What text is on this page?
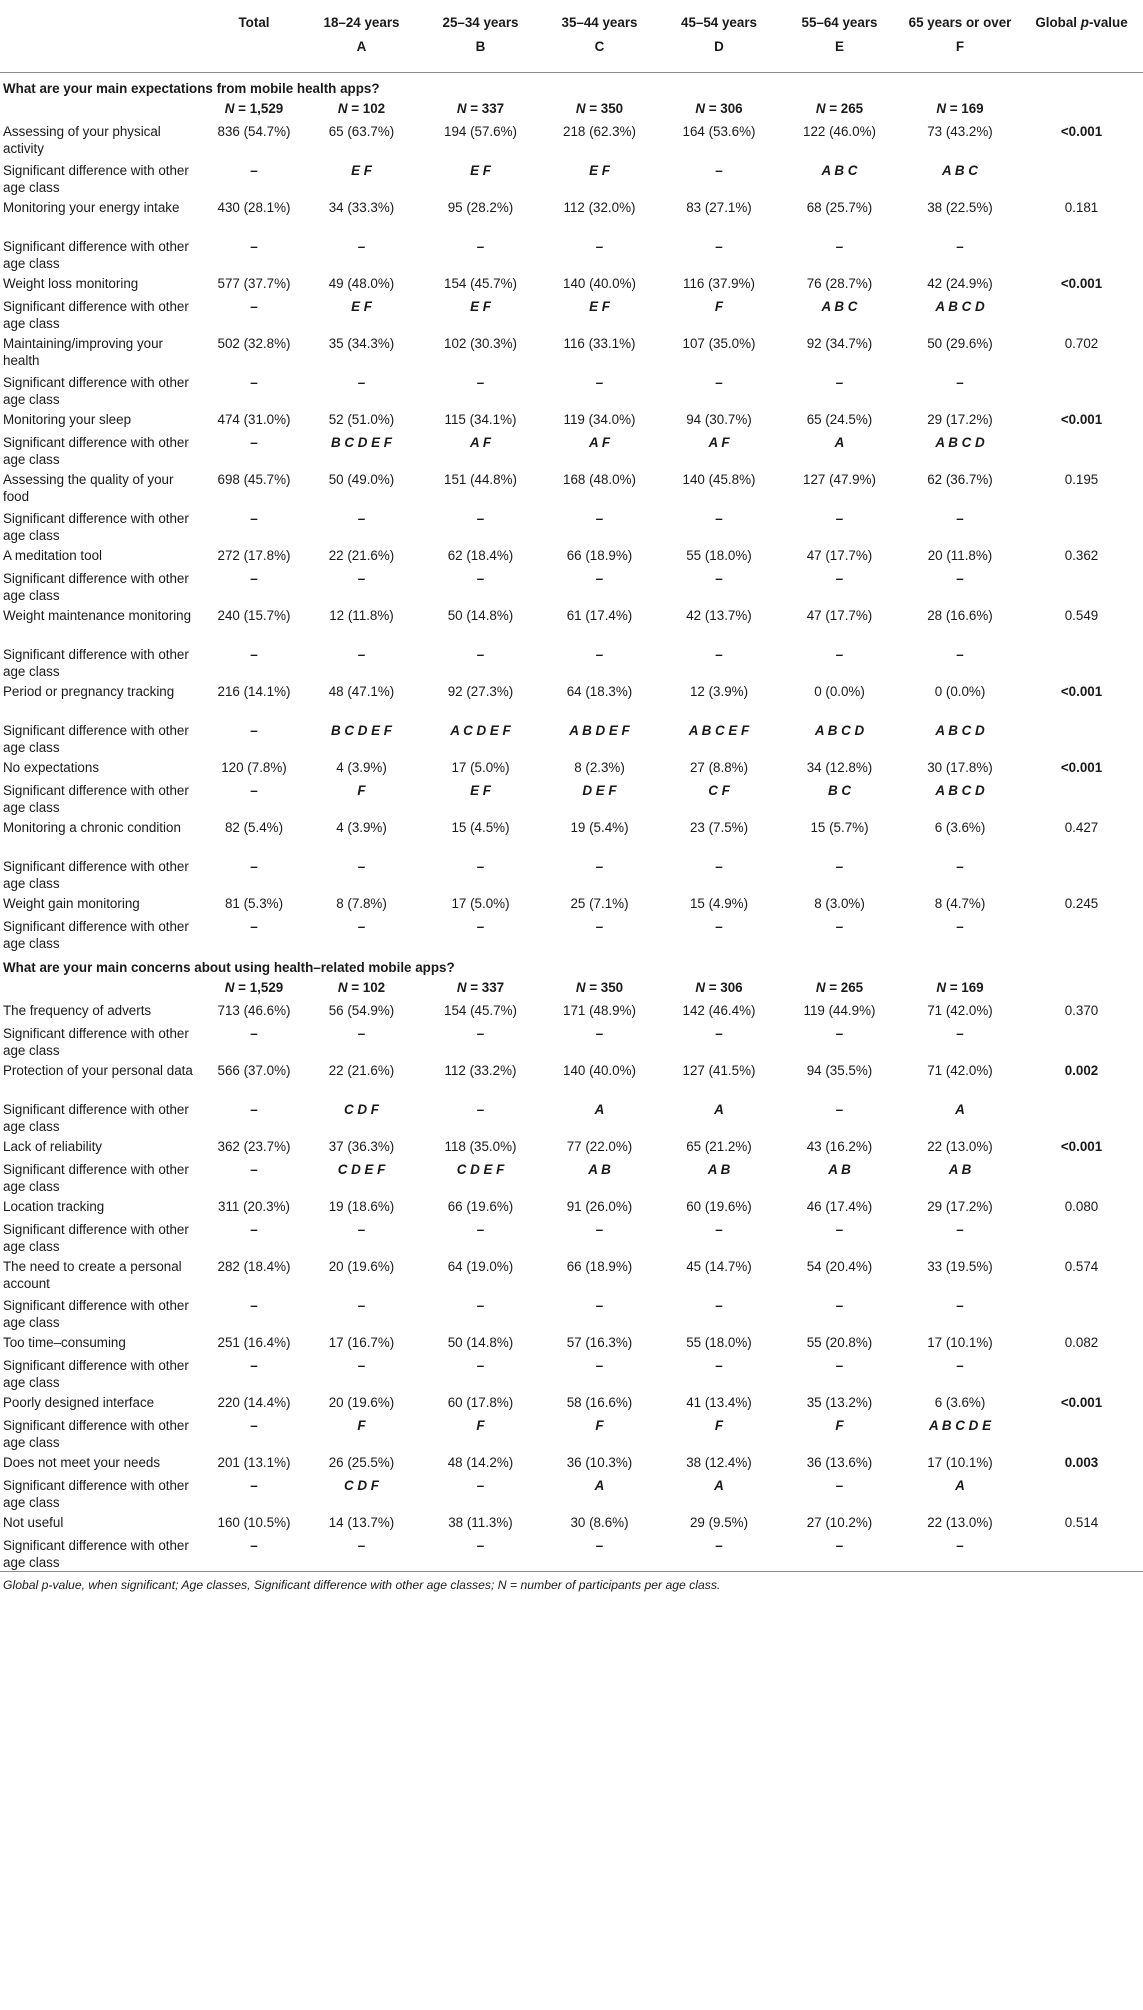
	Total	18–24 years	25–34 years	35–44 years	45–54 years	55–64 years	65 years or over	Global p-value
		A	B	C	D	E	F	
What are your main expectations from mobile health apps?								
	N = 1,529	N = 102	N = 337	N = 350	N = 306	N = 265	N = 169	
Assessing of your physical activity	836 (54.7%)	65 (63.7%)	194 (57.6%)	218 (62.3%)	164 (53.6%)	122 (46.0%)	73 (43.2%)	<0.001
Significant difference with other age class	–	E F	E F	E F	–	A B C	A B C	
Monitoring your energy intake	430 (28.1%)	34 (33.3%)	95 (28.2%)	112 (32.0%)	83 (27.1%)	68 (25.7%)	38 (22.5%)	0.181
Significant difference with other age class	–	–	–	–	–	–	–	
Weight loss monitoring	577 (37.7%)	49 (48.0%)	154 (45.7%)	140 (40.0%)	116 (37.9%)	76 (28.7%)	42 (24.9%)	<0.001
Significant difference with other age class	–	E F	E F	E F	F	A B C	A B C D	
Maintaining/improving your health	502 (32.8%)	35 (34.3%)	102 (30.3%)	116 (33.1%)	107 (35.0%)	92 (34.7%)	50 (29.6%)	0.702
Significant difference with other age class	–	–	–	–	–	–	–	
Monitoring your sleep	474 (31.0%)	52 (51.0%)	115 (34.1%)	119 (34.0%)	94 (30.7%)	65 (24.5%)	29 (17.2%)	<0.001
Significant difference with other age class	–	B C D E F	A F	A F	A F	A	A B C D	
Assessing the quality of your food	698 (45.7%)	50 (49.0%)	151 (44.8%)	168 (48.0%)	140 (45.8%)	127 (47.9%)	62 (36.7%)	0.195
Significant difference with other age class	–	–	–	–	–	–	–	
A meditation tool	272 (17.8%)	22 (21.6%)	62 (18.4%)	66 (18.9%)	55 (18.0%)	47 (17.7%)	20 (11.8%)	0.362
Significant difference with other age class	–	–	–	–	–	–	–	
Weight maintenance monitoring	240 (15.7%)	12 (11.8%)	50 (14.8%)	61 (17.4%)	42 (13.7%)	47 (17.7%)	28 (16.6%)	0.549
Significant difference with other age class	–	–	–	–	–	–	–	
Period or pregnancy tracking	216 (14.1%)	48 (47.1%)	92 (27.3%)	64 (18.3%)	12 (3.9%)	0 (0.0%)	0 (0.0%)	<0.001
Significant difference with other age class	–	B C D E F	A C D E F	A B D E F	A B C E F	A B C D	A B C D	
No expectations	120 (7.8%)	4 (3.9%)	17 (5.0%)	8 (2.3%)	27 (8.8%)	34 (12.8%)	30 (17.8%)	<0.001
Significant difference with other age class	–	F	E F	D E F	C F	B C	A B C D	
Monitoring a chronic condition	82 (5.4%)	4 (3.9%)	15 (4.5%)	19 (5.4%)	23 (7.5%)	15 (5.7%)	6 (3.6%)	0.427
Significant difference with other age class	–	–	–	–	–	–	–	
Weight gain monitoring	81 (5.3%)	8 (7.8%)	17 (5.0%)	25 (7.1%)	15 (4.9%)	8 (3.0%)	8 (4.7%)	0.245
Significant difference with other age class	–	–	–	–	–	–	–	
What are your main concerns about using health–related mobile apps?								
	N = 1,529	N = 102	N = 337	N = 350	N = 306	N = 265	N = 169	
The frequency of adverts	713 (46.6%)	56 (54.9%)	154 (45.7%)	171 (48.9%)	142 (46.4%)	119 (44.9%)	71 (42.0%)	0.370
Significant difference with other age class	–	–	–	–	–	–	–	
Protection of your personal data	566 (37.0%)	22 (21.6%)	112 (33.2%)	140 (40.0%)	127 (41.5%)	94 (35.5%)	71 (42.0%)	0.002
Significant difference with other age class	–	C D F	–	A	A	–	A	
Lack of reliability	362 (23.7%)	37 (36.3%)	118 (35.0%)	77 (22.0%)	65 (21.2%)	43 (16.2%)	22 (13.0%)	<0.001
Significant difference with other age class	–	C D E F	C D E F	A B	A B	A B	A B	
Location tracking	311 (20.3%)	19 (18.6%)	66 (19.6%)	91 (26.0%)	60 (19.6%)	46 (17.4%)	29 (17.2%)	0.080
Significant difference with other age class	–	–	–	–	–	–	–	
The need to create a personal account	282 (18.4%)	20 (19.6%)	64 (19.0%)	66 (18.9%)	45 (14.7%)	54 (20.4%)	33 (19.5%)	0.574
Significant difference with other age class	–	–	–	–	–	–	–	
Too time–consuming	251 (16.4%)	17 (16.7%)	50 (14.8%)	57 (16.3%)	55 (18.0%)	55 (20.8%)	17 (10.1%)	0.082
Significant difference with other age class	–	–	–	–	–	–	–	
Poorly designed interface	220 (14.4%)	20 (19.6%)	60 (17.8%)	58 (16.6%)	41 (13.4%)	35 (13.2%)	6 (3.6%)	<0.001
Significant difference with other age class	–	F	F	F	F	F	A B C D E	
Does not meet your needs	201 (13.1%)	26 (25.5%)	48 (14.2%)	36 (10.3%)	38 (12.4%)	36 (13.6%)	17 (10.1%)	0.003
Significant difference with other age class	–	C D F	–	A	A	–	A	
Not useful	160 (10.5%)	14 (13.7%)	38 (11.3%)	30 (8.6%)	29 (9.5%)	27 (10.2%)	22 (13.0%)	0.514
Significant difference with other age class	–	–	–	–	–	–	–	
Global p-value, when significant; Age classes, Significant difference with other age classes; N = number of participants per age class.
